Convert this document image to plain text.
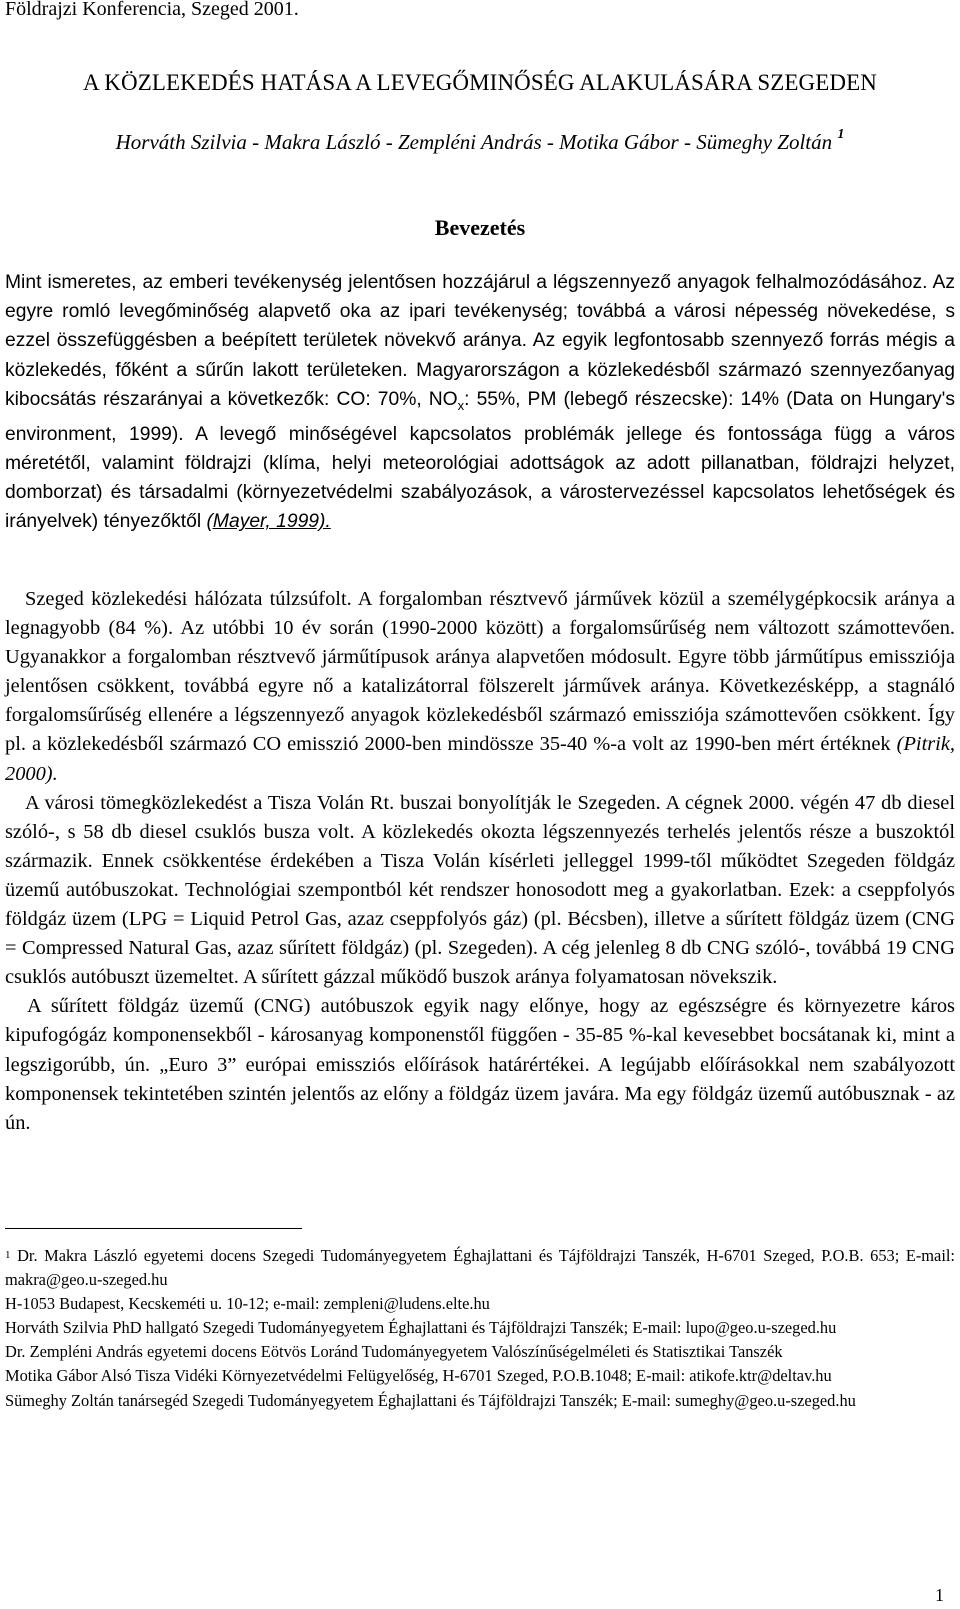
Földrajzi Konferencia, Szeged 2001.
A KÖZLEKEDÉS HATÁSA A LEVEGŐMINŐSÉG ALAKULÁSÁRA SZEGEDEN
Horváth Szilvia - Makra László - Zempléni András - Motika Gábor - Sümeghy Zoltán $^1$
Bevezetés

Mint ismeretes, az emberi tevékenység jelentősen hozzájárul a légszennyező anyagok felhalmozódásához. Az egyre romló levegőminőség alapvető oka az ipari tevékenység; továbbá a városi népesség növekedése, s ezzel összefüggésben a beépített területek növekvő aránya. Az egyik legfontosabb szennyező forrás mégis a közlekedés, főként a sűrűn lakott területeken. Magyarországon a közlekedésből származó szennyezőanyag kibocsátás részarányai a következők: CO: 70%, $NO_x$: 55%, PM (lebegő részecske): 14% (Data on Hungary's environment, 1999). A levegő minőségével kapcsolatos problémák jellege és fontossága függ a város méretétől, valamint földrajzi (klíma, helyi meteorológiai adottságok az adott pillanatban, földrajzi helyzet, domborzat) és társadalmi (környezetvédelmi szabályozások, a várostervezéssel kapcsolatos lehetőségek és irányelvek) tényezőktől (Mayer, 1999).

Szeged közlekedési hálózata túlzsúfolt. A forgalomban résztvevő járművek közül a személygépkocsik aránya a legnagyobb (84 %). Az utóbbi 10 év során (1990-2000 között) a forgalomsűrűség nem változott számottevően. Ugyanakkor a forgalomban résztvevő járműtípusok aránya alapvetően módosult. Egyre több járműtípus emissziója jelentősen csökkent, továbbá egyre nő a katalizátorral fölszerelt járművek aránya. Következésképp, a stagnáló forgalomsűrűség ellenére a légszennyező anyagok közlekedésből származó emissziója számottevően csökkent. Így pl. a közlekedésből származó CO emisszió 2000-ben mindössze 35-40 %-a volt az 1990-ben mért értéknek (Pitrik, 2000).

A városi tömegközlekedést a Tisza Volán Rt. buszai bonyolítják le Szegeden. A cégnek 2000. végén 47 db diesel szóló-, s 58 db diesel csuklós busza volt. A közlekedés okozta légszennyezés terhelés jelentős része a buszoktól származik. Ennek csökkentése érdekében a Tisza Volán kísérleti jelleggel 1999-től működtet Szegeden földgáz üzemű autóbuszokat. Technológiai szempontból két rendszer honosodott meg a gyakorlatban. Ezek: a cseppfolyós földgáz üzem (LPG = Liquid Petrol Gas, azaz cseppfolyós gáz) (pl. Bécsben), illetve a sűrített földgáz üzem (CNG = Compressed Natural Gas, azaz sűrített földgáz) (pl. Szegeden). A cég jelenleg 8 db CNG szóló-, továbbá 19 CNG csuklós autóbuszt üzemeltet. A sűrített gázzal működő buszok aránya folyamatosan növekszik.

A sűrített földgáz üzemű (CNG) autóbuszok egyik nagy előnye, hogy az egészségre és környezetre káros kipufogógáz komponensekből - károsanyag komponenstől függően - 35-85 %-kal kevesebbet bocsátanak ki, mint a legszigorúbb, ún. „Euro 3” európai emissziós előírások határértékei. A legújabb előírásokkal nem szabályozott komponensek tekintetében szintén jelentős az előny a földgáz üzem javára. Ma egy földgáz üzemű autóbusznak - az ún.

$^1$ Dr. Makra László egyetemi docens Szegedi Tudományegyetem Éghajlattani és Tájföldrajzi Tanszék, H-6701 Szeged, P.O.B. 653; E-mail: makra@geo.u-szeged.hu

H-1053 Budapest, Kecskeméti u. 10-12; e-mail: zempleni@ludens.elte.hu

Horváth Szilvia PhD hallgató Szegedi Tudományegyetem Éghajlattani és Tájföldrajzi Tanszék; E-mail: lupo@geo.u-szeged.hu

Dr. Zempléni András egyetemi docens Eötvös Loránd Tudományegyetem Valószínűségelméleti és Statisztikai Tanszék

Motika Gábor Alsó Tisza Vidéki Környezetvédelmi Felügyelőség, H-6701 Szeged, P.O.B.1048; E-mail: atikofe.ktr@deltav.hu

Sümeghy Zoltán tanársegéd Szegedi Tudományegyetem Éghajlattani és Tájföldrajzi Tanszék; E-mail: sumeghy@geo.u-szeged.hu

1
